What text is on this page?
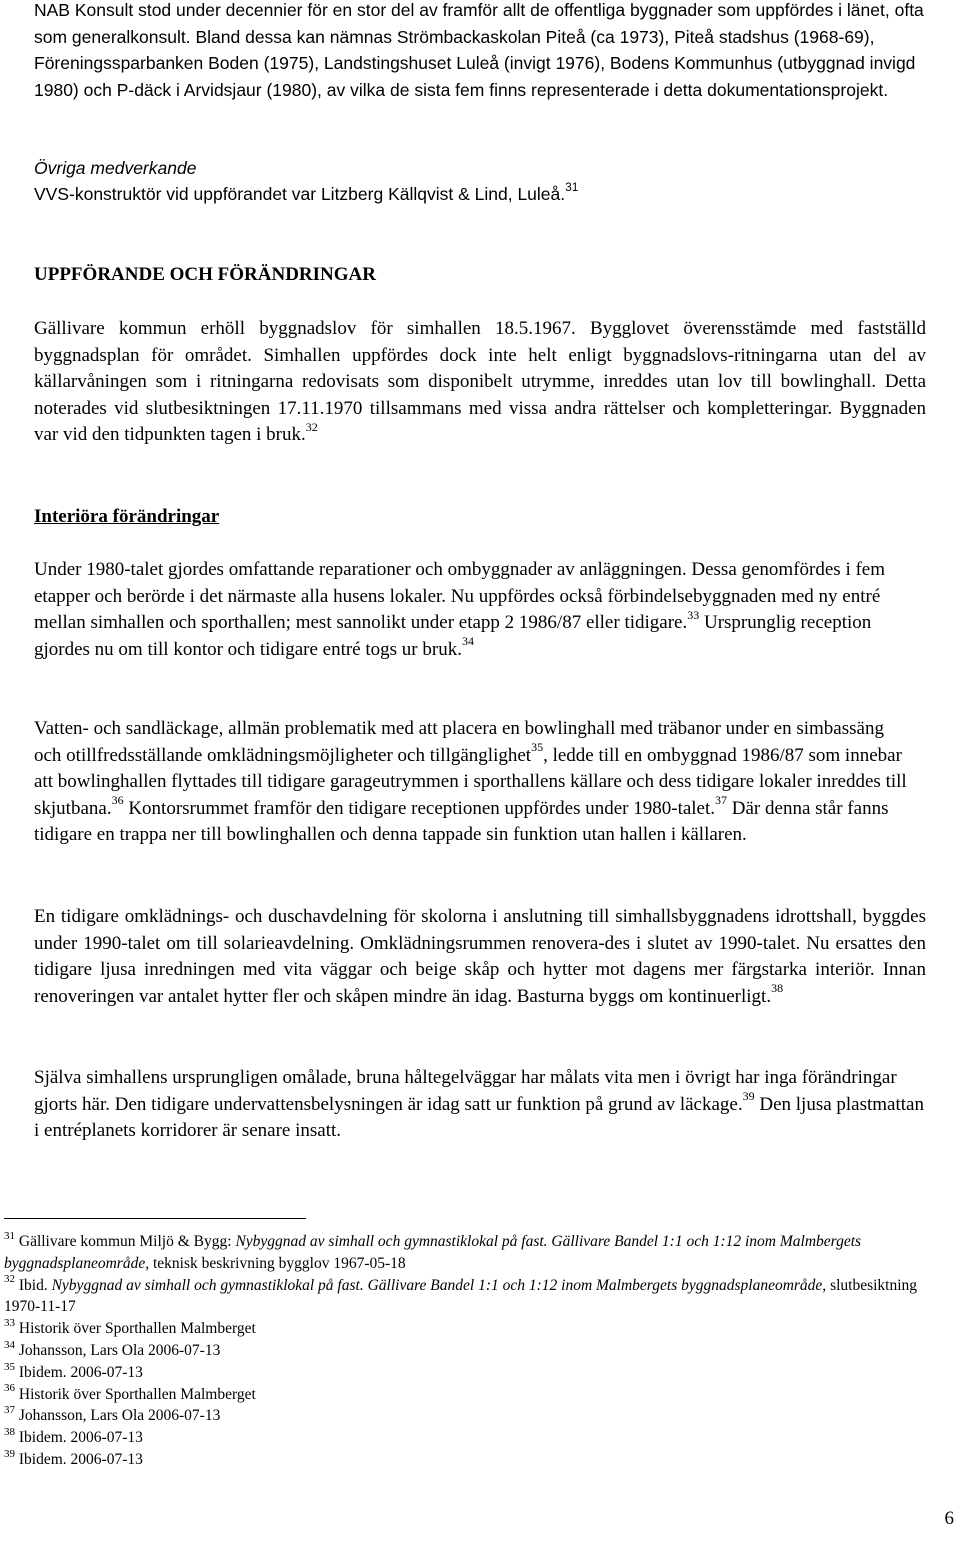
NAB Konsult stod under decennier för en stor del av framför allt de offentliga byggnader som uppfördes i länet, ofta som generalkonsult. Bland dessa kan nämnas Strömbackaskolan Piteå (ca 1973), Piteå stadshus (1968-69), Föreningssparbanken Boden (1975), Landstingshuset Luleå (invigt 1976), Bodens Kommunhus (utbyggnad invigd 1980) och P-däck i Arvidsjaur (1980), av vilka de sista fem finns representerade i detta dokumentationsprojekt.

Övriga medverkande

VVS-konstruktör vid uppförandet var Litzberg Källqvist & Lind, Luleå.$^{31}$

UPPFÖRANDE OCH FÖRÄNDRINGAR

Gällivare kommun erhöll byggnadslov för simhallen 18.5.1967. Bygglovet överensstämde med fastställd byggnadsplan för området. Simhallen uppfördes dock inte helt enligt byggnadslovs-ritningarna utan del av källarvåningen som i ritningarna redovisats som disponibelt utrymme, inreddes utan lov till bowlinghall. Detta noterades vid slutbesiktningen 17.11.1970 tillsammans med vissa andra rättelser och kompletteringar. Byggnaden var vid den tidpunkten tagen i bruk.$^{32}$

Interiöra förändringar

Under 1980-talet gjordes omfattande reparationer och ombyggnader av anläggningen. Dessa genomfördes i fem etapper och berörde i det närmaste alla husens lokaler. Nu uppfördes också förbindelsebyggnaden med ny entré mellan simhallen och sporthallen; mest sannolikt under etapp 2 1986/87 eller tidigare.$^{33}$ Ursprunglig reception gjordes nu om till kontor och tidigare entré togs ur bruk.$^{34}$

Vatten- och sandläckage, allmän problematik med att placera en bowlinghall med träbanor under en simbassäng och otillfredsställande omklädningsmöjligheter och tillgänglighet$^{35}$, ledde till en ombyggnad 1986/87 som innebar att bowlinghallen flyttades till tidigare garageutrymmen i sporthallens källare och dess tidigare lokaler inreddes till skjutbana.$^{36}$ Kontorsrummet framför den tidigare receptionen uppfördes under 1980-talet.$^{37}$ Där denna står fanns tidigare en trappa ner till bowlinghallen och denna tappade sin funktion utan hallen i källaren.

En tidigare omklädnings- och duschavdelning för skolorna i anslutning till simhallsbyggnadens idrottshall, byggdes under 1990-talet om till solarieavdelning. Omklädningsrummen renovera-des i slutet av 1990-talet. Nu ersattes den tidigare ljusa inredningen med vita väggar och beige skåp och hytter mot dagens mer färgstarka interiör. Innan renoveringen var antalet hytter fler och skåpen mindre än idag. Basturna byggs om kontinuerligt.$^{38}$

Själva simhallens ursprungligen omålade, bruna håltegelväggar har målats vita men i övrigt har inga förändringar gjorts här. Den tidigare undervattensbelysningen är idag satt ur funktion på grund av läckage.$^{39}$ Den ljusa plastmattan i entréplanets korridorer är senare insatt.

$^{31}$ Gällivare kommun Miljö & Bygg: Nybyggnad av simhall och gymnastiklokal på fast. Gällivare Bandel 1:1 och 1:12 inom Malmbergets byggnadsplaneområde, teknisk beskrivning bygglov 1967-05-18

$^{32}$ Ibid. Nybyggnad av simhall och gymnastiklokal på fast. Gällivare Bandel 1:1 och 1:12 inom Malmbergets byggnadsplaneområde, slutbesiktning 1970-11-17

$^{33}$ Historik över Sporthallen Malmberget

$^{34}$ Johansson, Lars Ola 2006-07-13

$^{35}$ Ibidem. 2006-07-13

$^{36}$ Historik över Sporthallen Malmberget

$^{37}$ Johansson, Lars Ola 2006-07-13

$^{38}$ Ibidem. 2006-07-13

$^{39}$ Ibidem. 2006-07-13

6
